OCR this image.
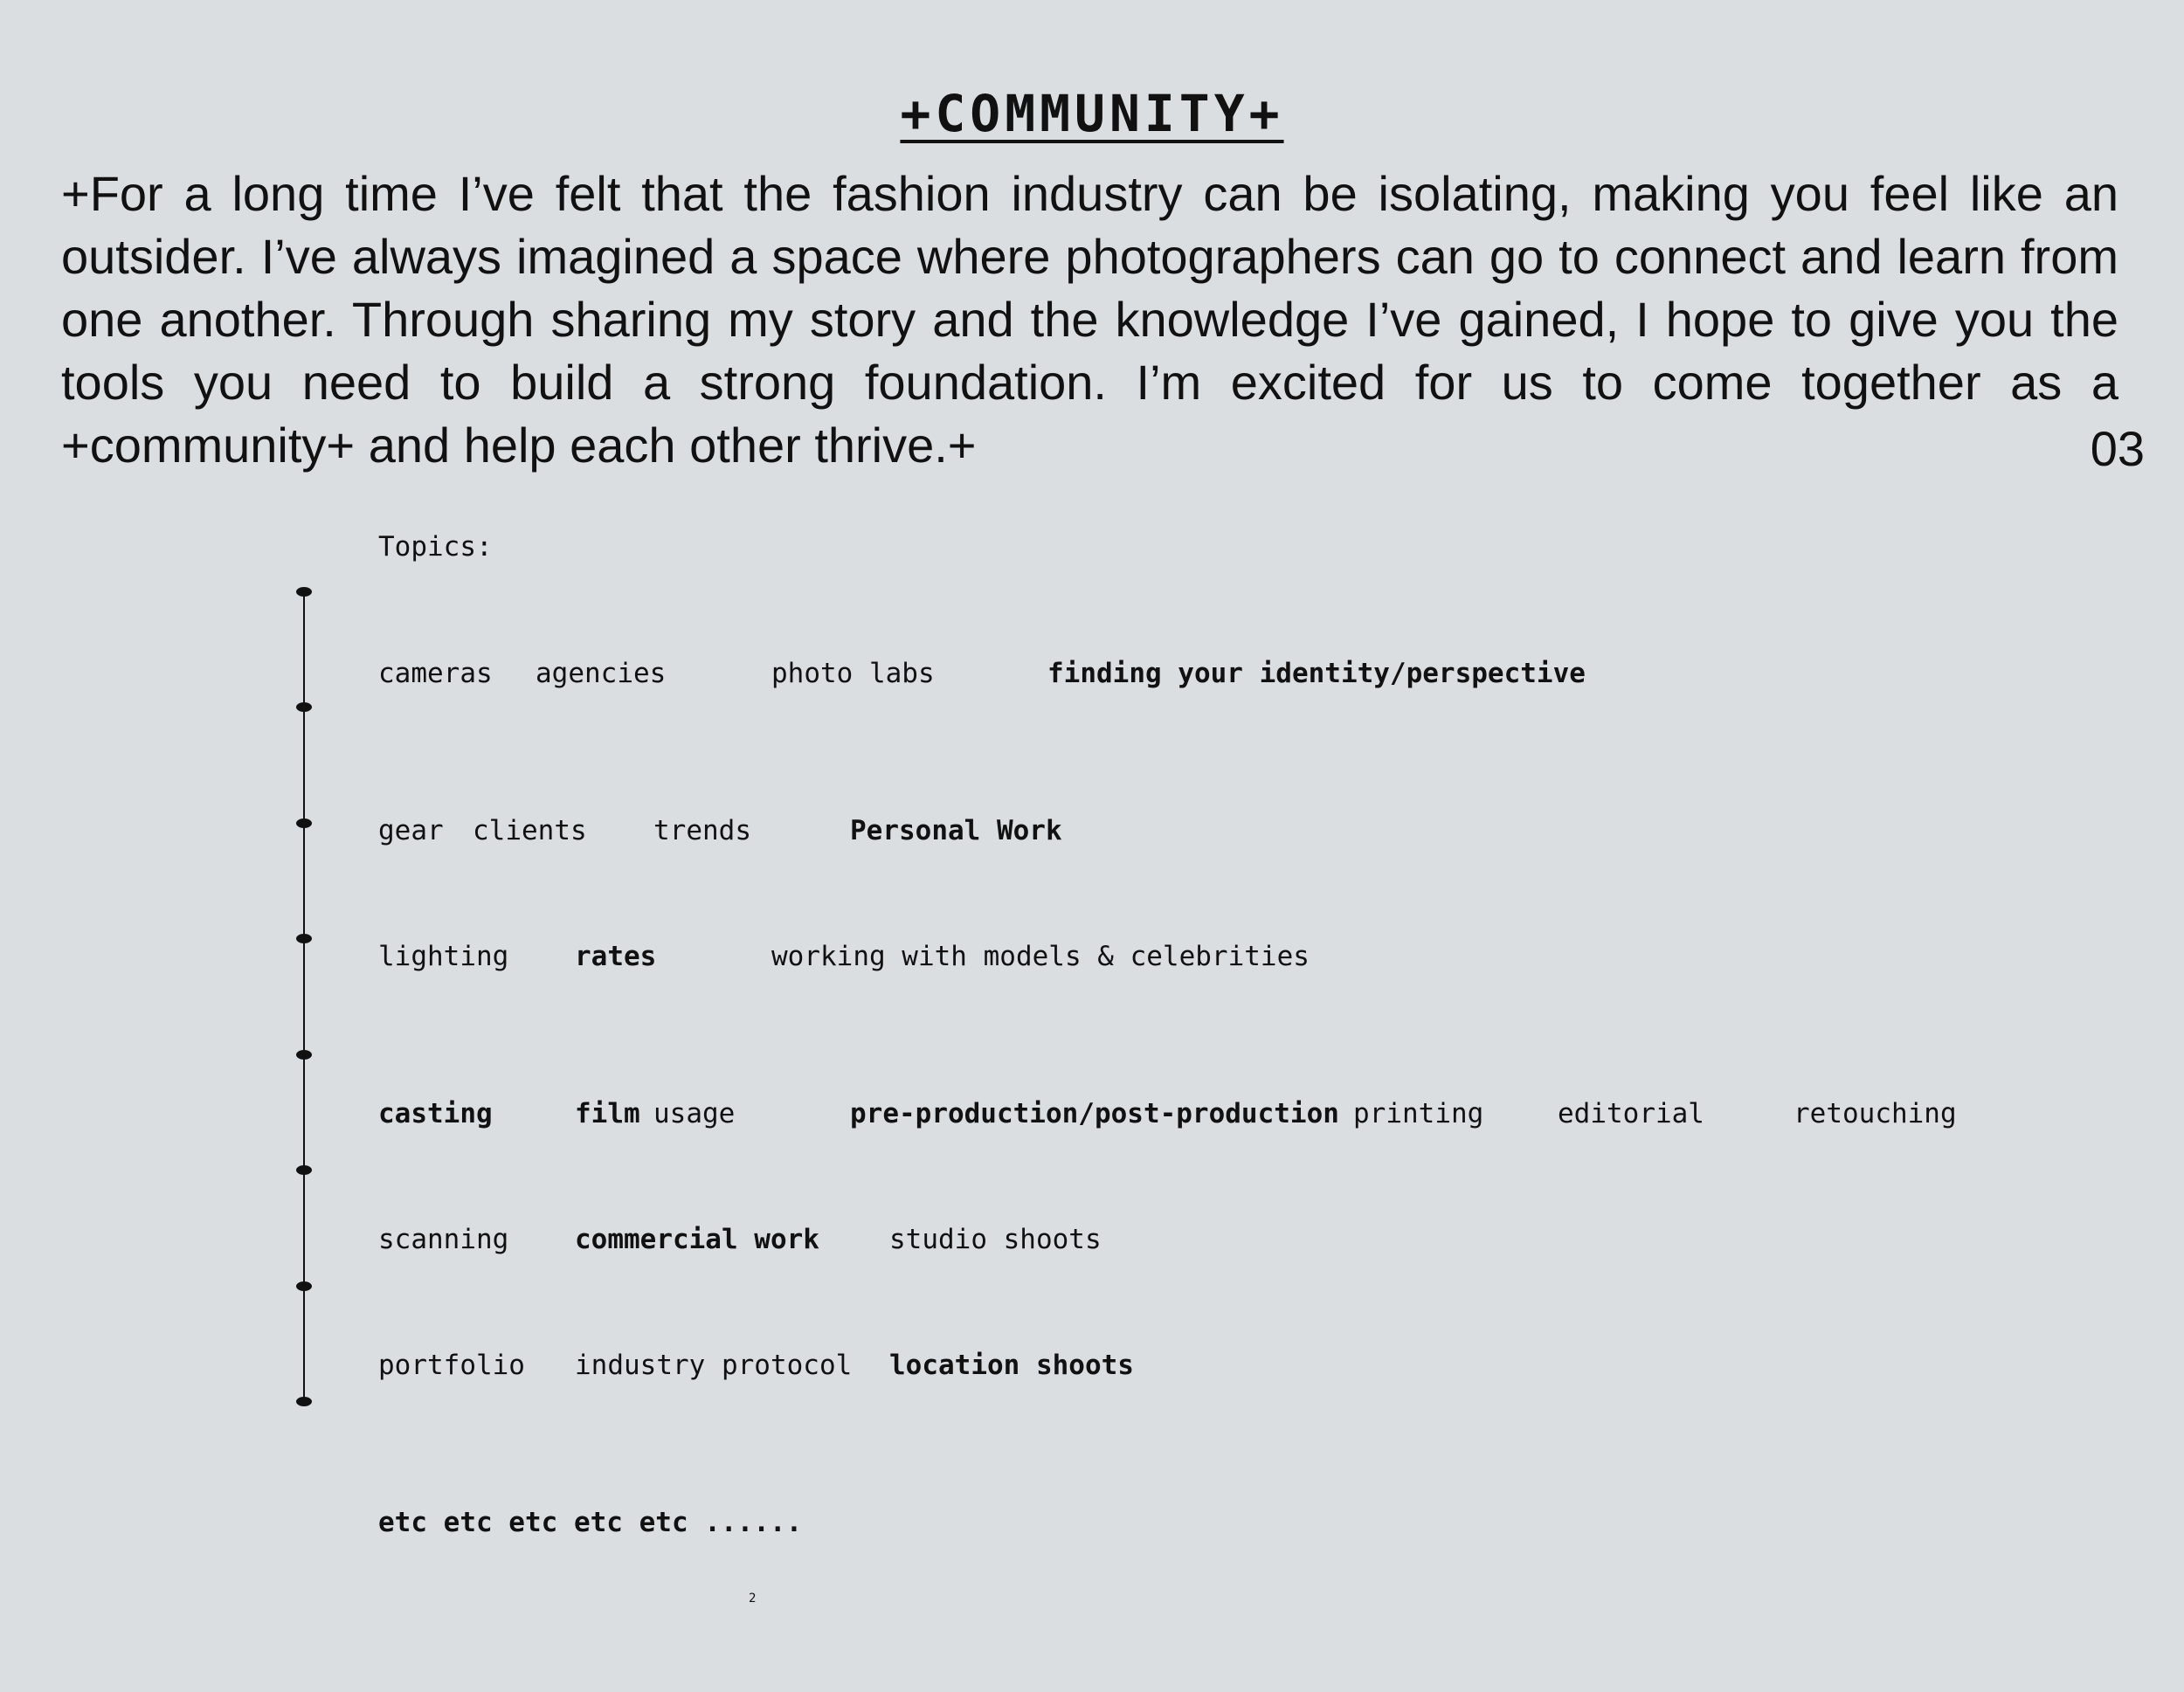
+COMMUNITY+

+For a long time I’ve felt that the fashion industry can be isolating, making you feel like an outsider. I’ve always imagined a space where photographers can go to connect and learn from one another. Through sharing my story and the knowledge I’ve gained, I hope to give you the tools you need to build a strong foundation. I’m excited for us to come together as a +community+ and help each other thrive.+	03
Topics:
cameras agencies	photo labs	finding your identity/perspective
gear clients trends	Personal Work
lighting rates	working with models & celebrities
casting	film usage	pre-production/post-production printing	editorial	retouching
scanning commercial work	studio shoots
portfolio industry protocol location shoots
etc etc etc etc etc ......
2
